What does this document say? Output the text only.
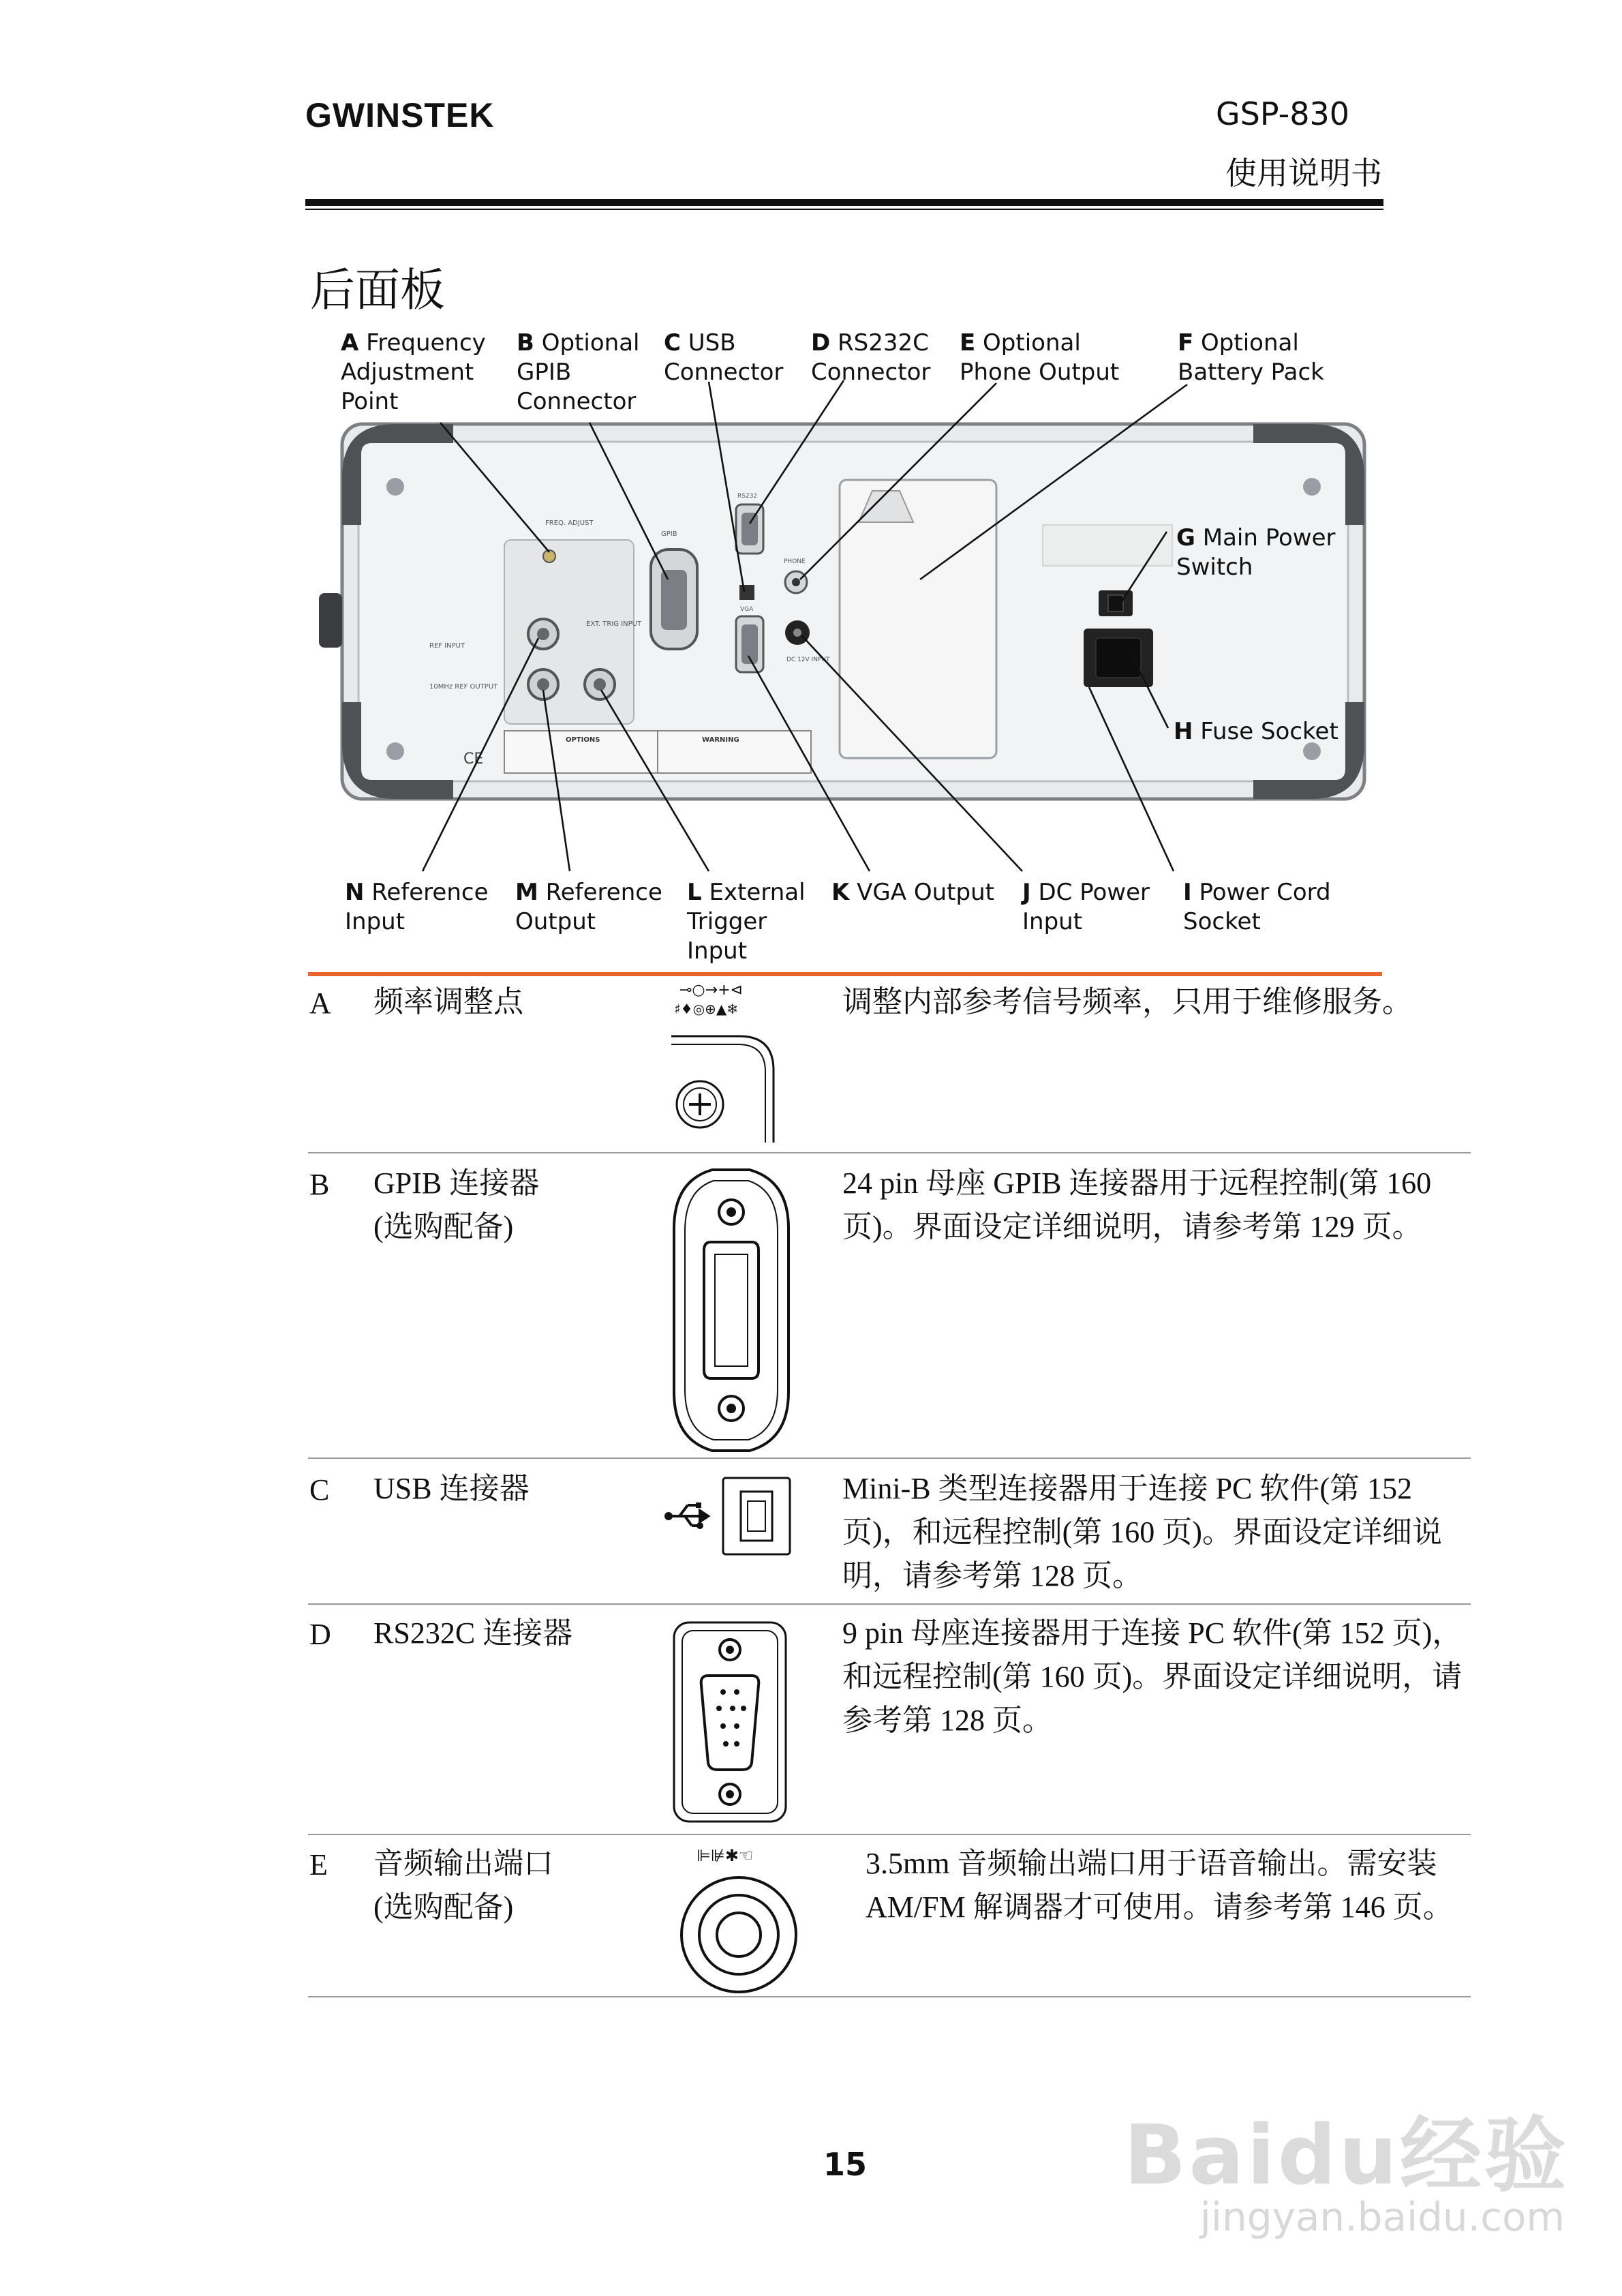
GWINSTEK	GSP-830
使用说明书
后面板
FREQ. ADJUST
REF INPUT
10MHz REF OUTPUT
EXT. TRIG INPUT
GPIB
RS232
PHONE
VGA
DC 12V INPUT
OPTIONS	WARNING
CE
A Frequency
Adjustment
Point
B Optional
GPIB
Connector
C USB
Connector
D RS232C
Connector
E Optional
Phone Output
F Optional
Battery Pack
G Main Power
Switch
H Fuse Socket
I Power Cord
Socket
J DC Power
Input
K VGA Output
L External
Trigger
Input
M Reference
Output
N Reference
Input
A 频率调整点	⊸○→+⊲
♯♦◎⊕▲❄	调整内部参考信号频率，只用于维修服务。
B GPIB 连接器
(选购配备)
24 pin 母座 GPIB 连接器用于远程控制(第 160 页)。界面设定详细说明，请参考第 129 页。
C USB 连接器	Mini-B 类型连接器用于连接 PC 软件(第 152 页)，和远程控制(第 160 页)。界面设定详细说明，请参考第 128 页。
D RS232C 连接器	9 pin 母座连接器用于连接 PC 软件(第 152 页)，和远程控制(第 160 页)。界面设定详细说明，请参考第 128 页。
E 音频输出端口
(选购配备)
⊫⊯✱☜	3.5mm 音频输出端口用于语音输出。需安装 AM/FM 解调器才可使用。请参考第 146 页。
15	Baidu经验
jingyan.baidu.com
